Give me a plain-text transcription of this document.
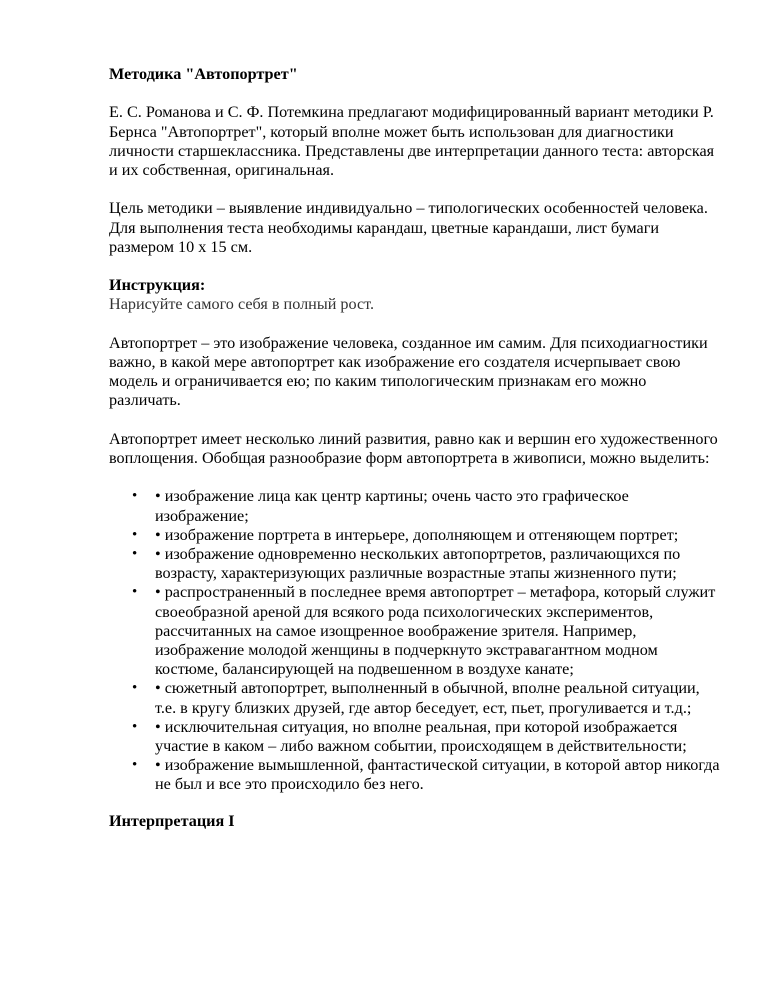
Методика "Автопортрет"

Е. С. Романова и С. Ф. Потемкина предлагают модифицированный вариант методики Р. Бернса "Автопортрет", который вполне может быть использован для диагностики личности старшеклассника. Представлены две интерпретации данного теста: авторская и их собственная, оригинальная.

Цель методики – выявление индивидуально – типологических особенностей человека. Для выполнения теста необходимы карандаш, цветные карандаши, лист бумаги размером 10 х 15 см.

Инструкция:

Нарисуйте самого себя в полный рост.

Автопортрет – это изображение человека, созданное им самим. Для психодиагностики важно, в какой мере автопортрет как изображение его создателя исчерпывает свою модель и ограничивается ею; по каким типологическим признакам его можно различать.

Автопортрет имеет несколько линий развития, равно как и вершин его художественного воплощения. Обобщая разнообразие форм автопортрета в живописи, можно выделить:

• • изображение лица как центр картины; очень часто это графическое изображение;
• • изображение портрета в интерьере, дополняющем и отгеняющем портрет;
• • изображение одновременно нескольких автопортретов, различающихся по возрасту, характеризующих различные возрастные этапы жизненного пути;
• • распространенный в последнее время автопортрет – метафора, который служит своеобразной ареной для всякого рода психологических экспериментов, рассчитанных на самое изощренное воображение зрителя. Например, изображение молодой женщины в подчеркнуто экстравагантном модном костюме, балансирующей на подвешенном в воздухе канате;
• • сюжетный автопортрет, выполненный в обычной, вполне реальной ситуации, т.е. в кругу близких друзей, где автор беседует, ест, пьет, прогуливается и т.д.;
• • исключительная ситуация, но вполне реальная, при которой изображается участие в каком – либо важном событии, происходящем в действительности;
• • изображение вымышленной, фантастической ситуации, в которой автор никогда не был и все это происходило без него.

Интерпретация I
